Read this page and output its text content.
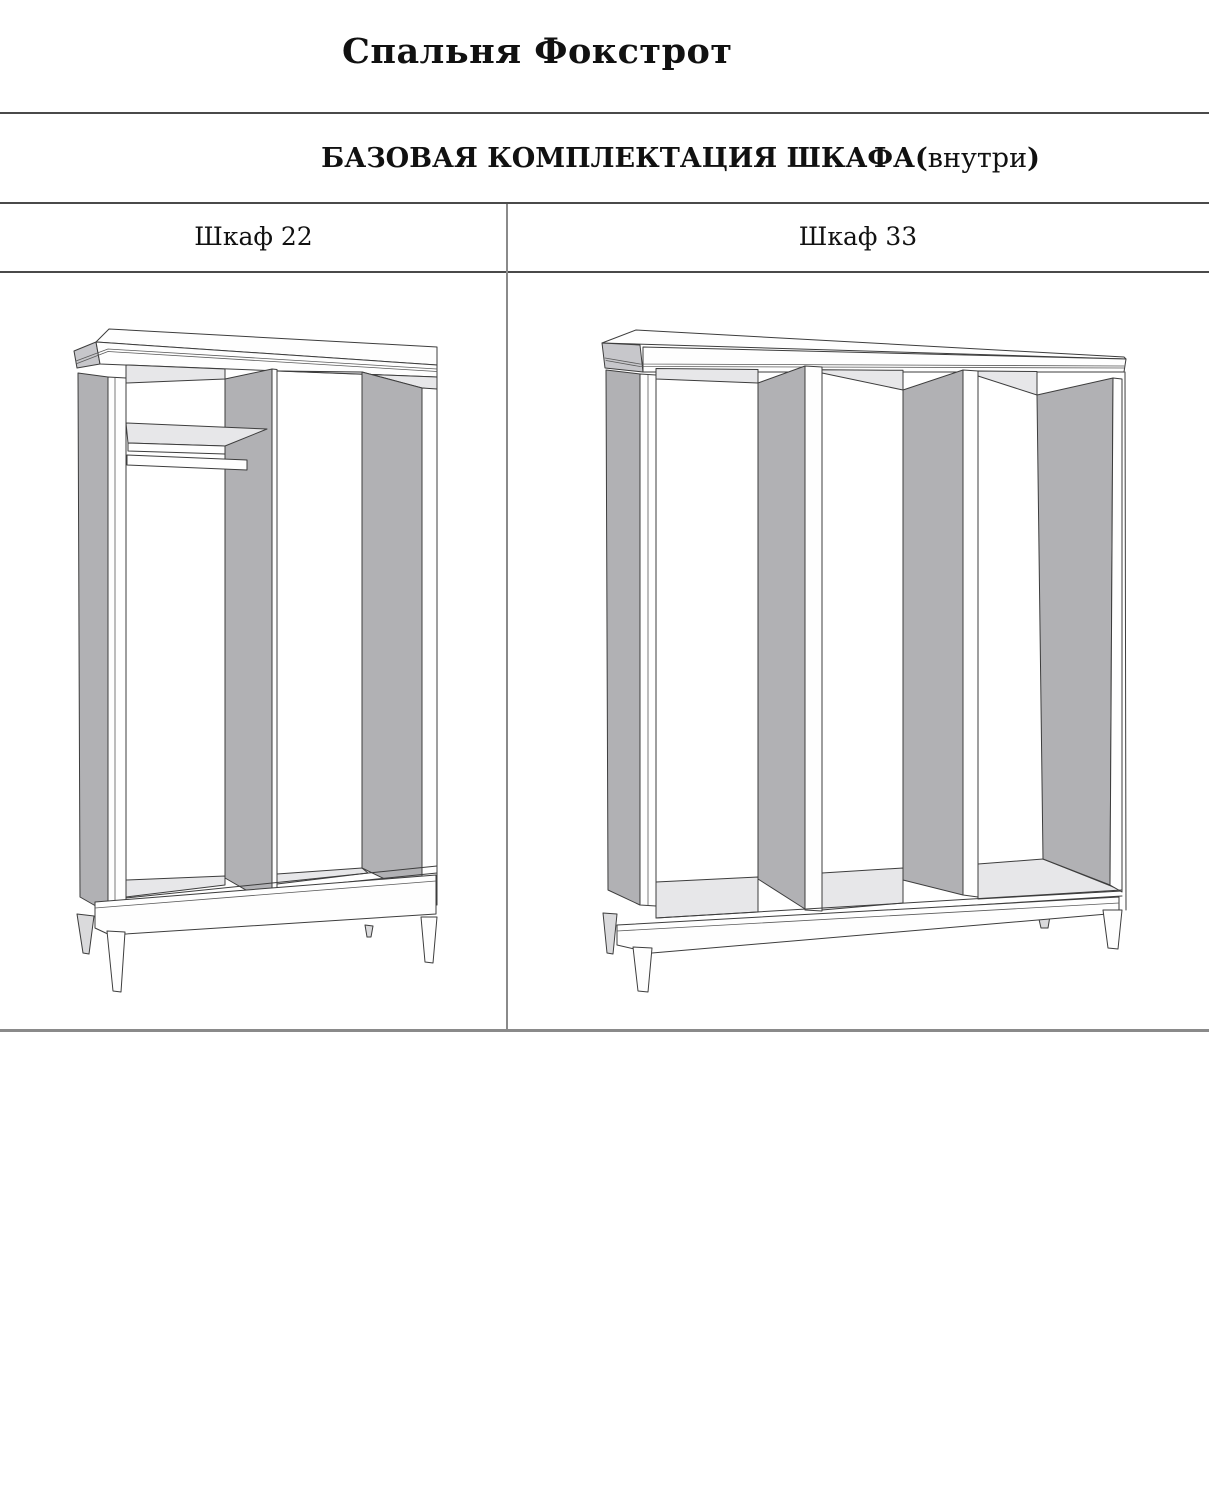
Спальня Фокстрот
БАЗОВАЯ КОМПЛЕКТАЦИЯ ШКАФА(внутри)
Шкаф 22	Шкаф 33
